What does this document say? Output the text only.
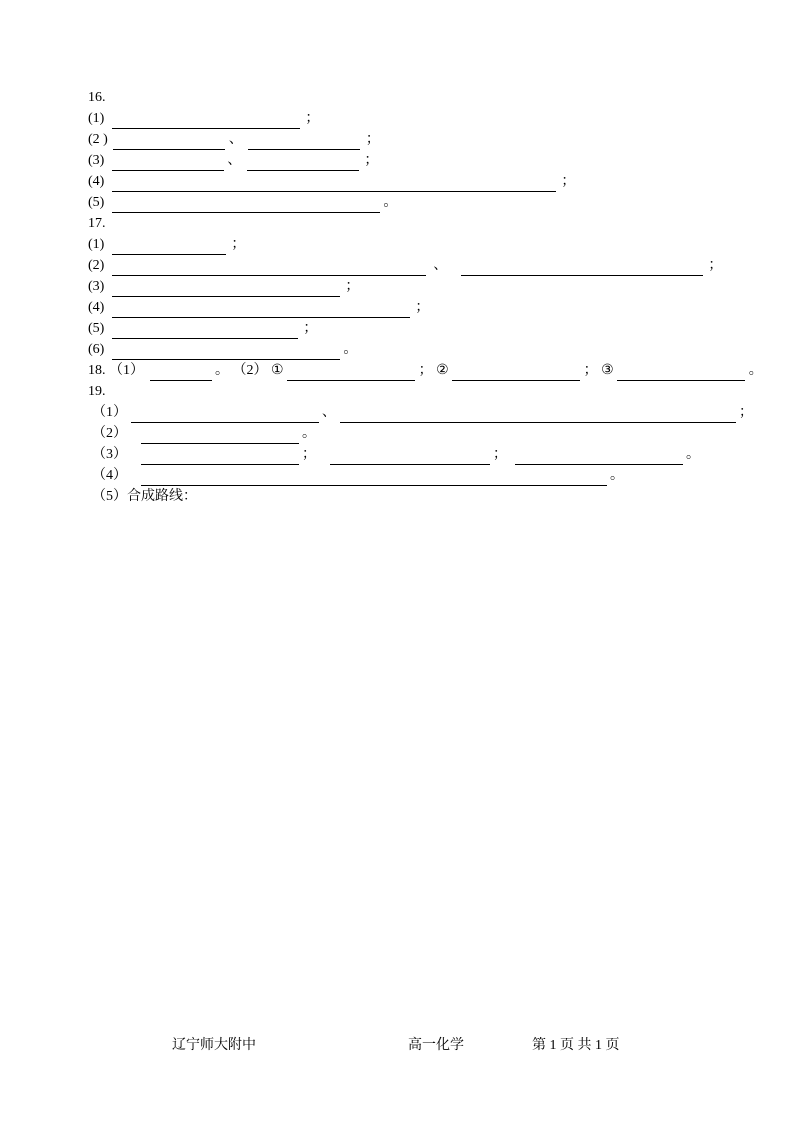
16.
(1)	；
(2 )	、	；
(3)	、	；
(4)	；
(5)	。
17.
(1)	；
(2)	、	；
(3)	；
(4)	；
(5)	；
(6)	。
18. （1）	。 （2） ①	； ②	； ③	。
19.
（1）	、	；
（2）	。
（3）	；	；	。
（4）	。
（5）合成路线：
辽宁师大附中	高一化学	第 1 页 共 1 页
